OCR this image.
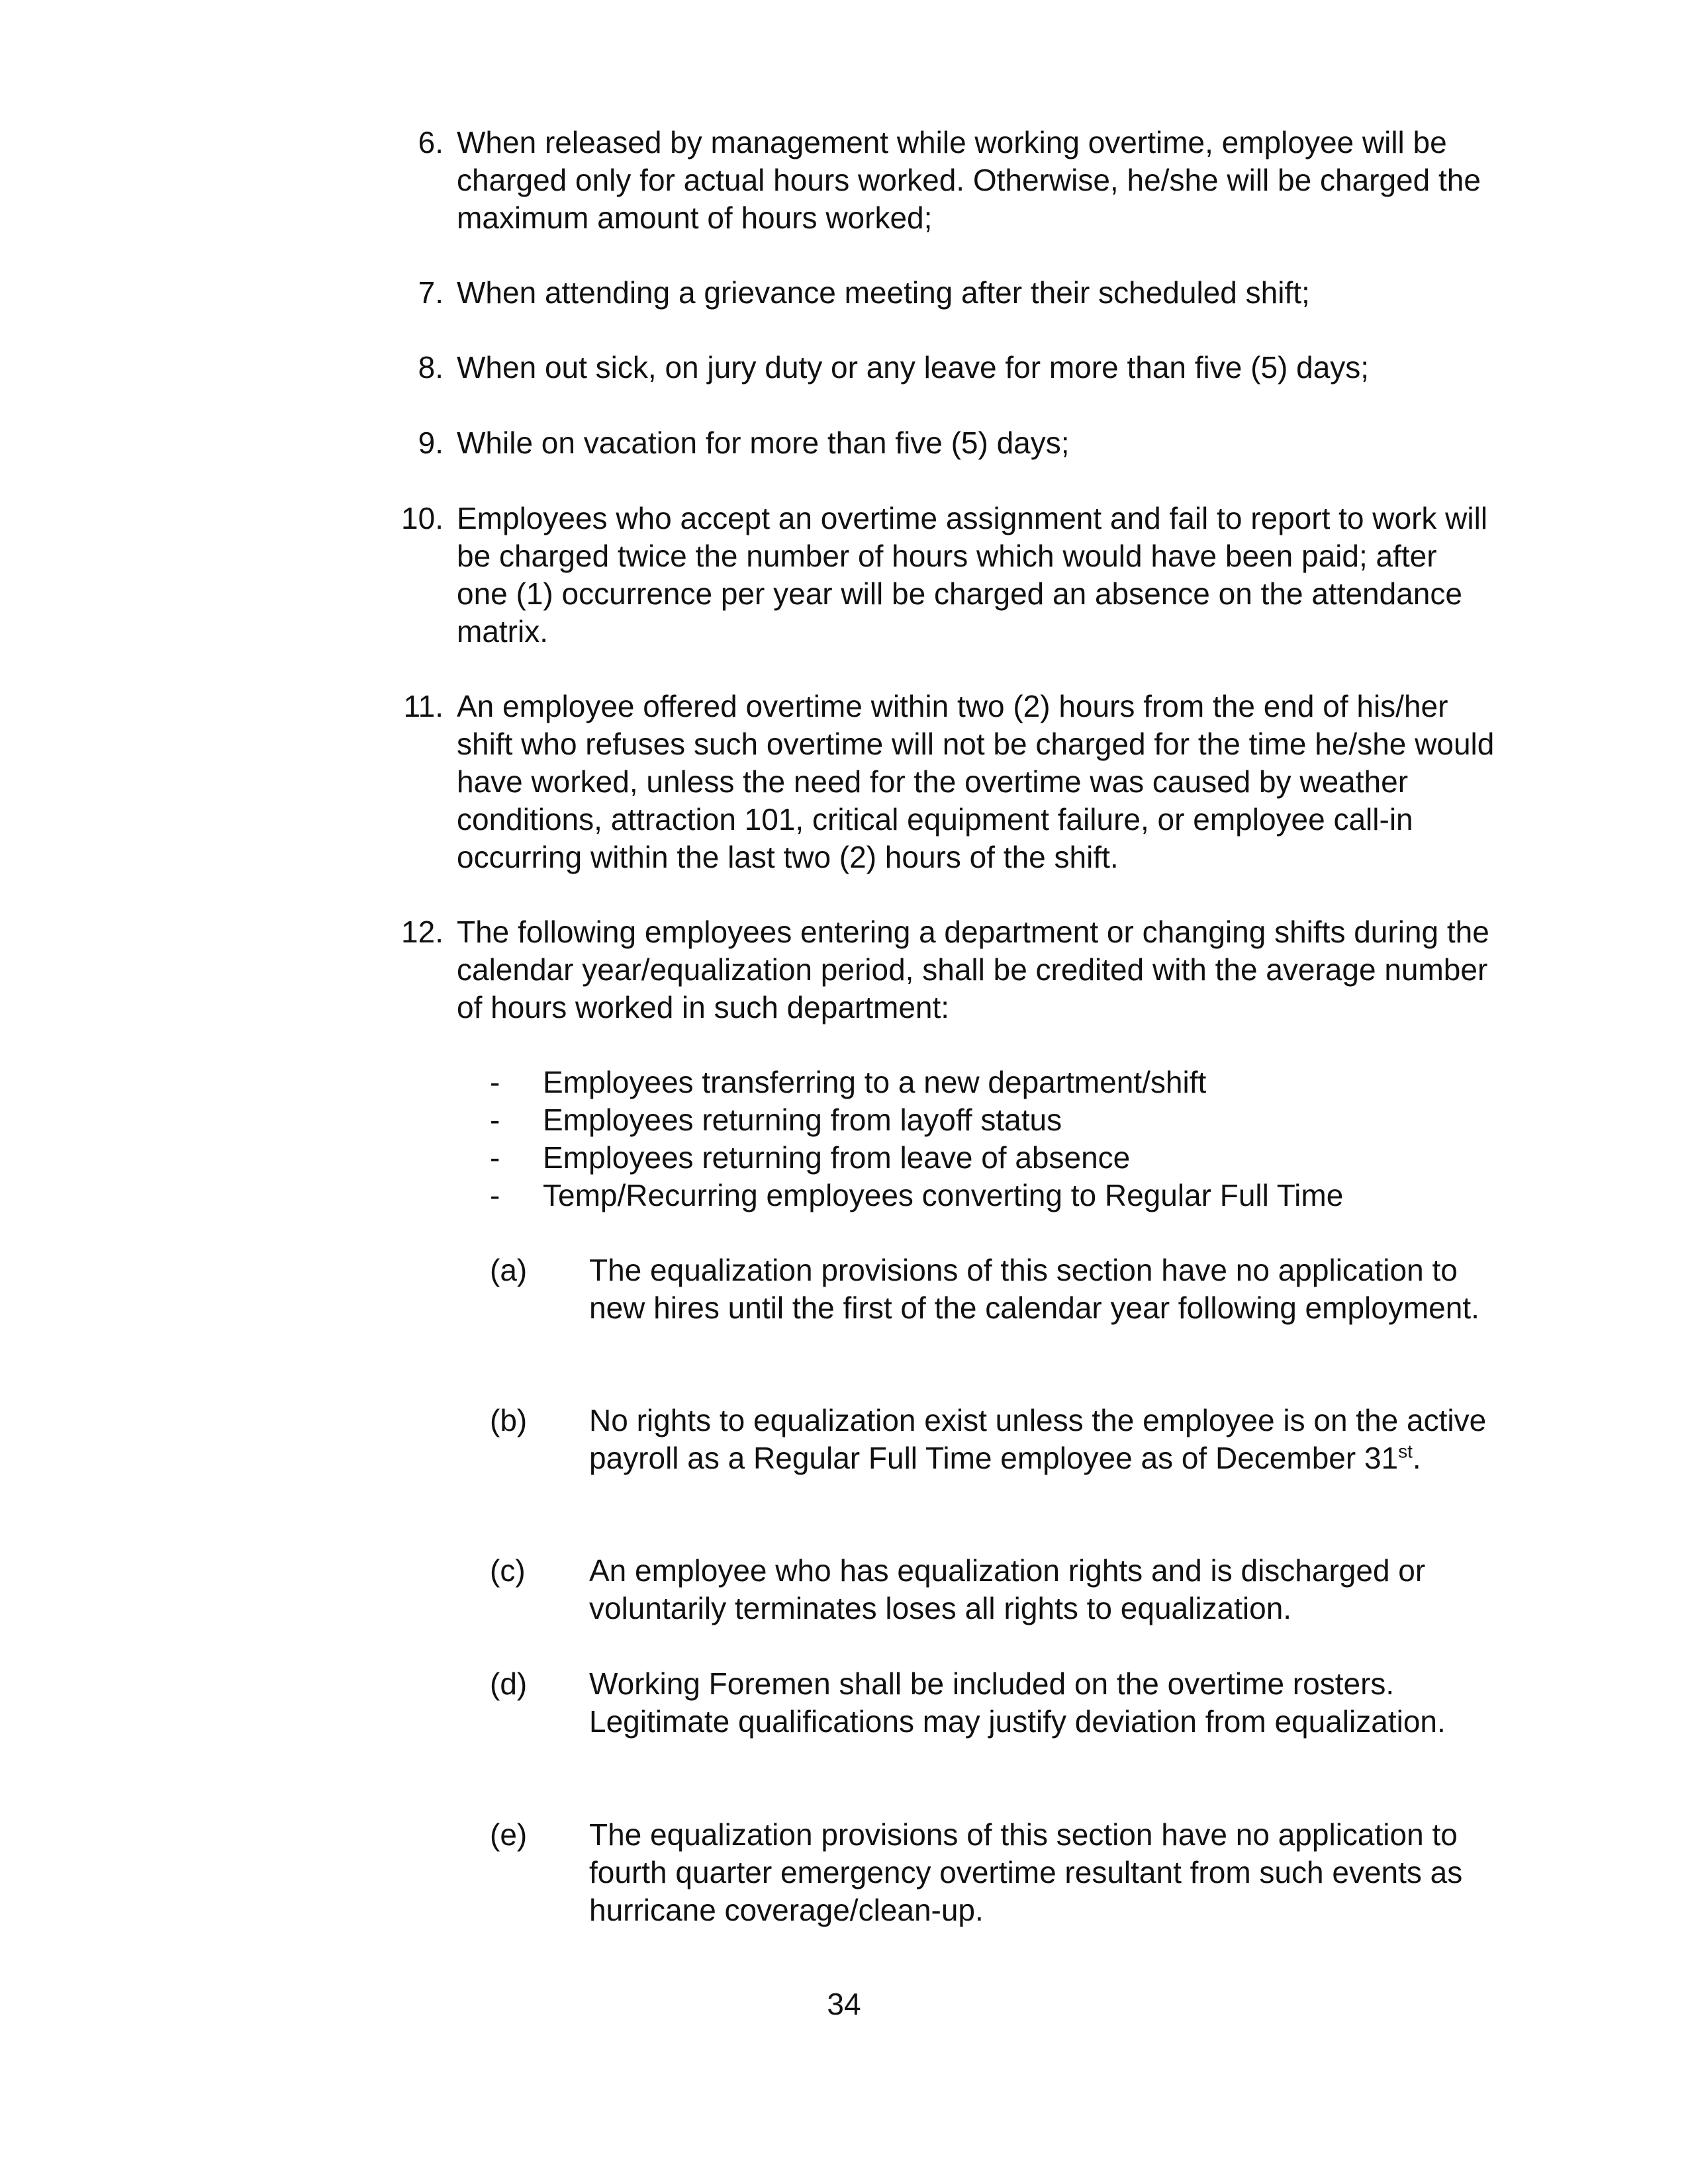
6. When released by management while working overtime, employee will be charged only for actual hours worked. Otherwise, he/she will be charged the maximum amount of hours worked;
7. When attending a grievance meeting after their scheduled shift;
8. When out sick, on jury duty or any leave for more than five (5) days;
9. While on vacation for more than five (5) days;
10. Employees who accept an overtime assignment and fail to report to work will be charged twice the number of hours which would have been paid; after one (1) occurrence per year will be charged an absence on the attendance matrix.
11. An employee offered overtime within two (2) hours from the end of his/her shift who refuses such overtime will not be charged for the time he/she would have worked, unless the need for the overtime was caused by weather conditions, attraction 101, critical equipment failure, or employee call-in occurring within the last two (2) hours of the shift.
12. The following employees entering a department or changing shifts during the calendar year/equalization period, shall be credited with the average number of hours worked in such department:
-	Employees transferring to a new department/shift
-	Employees returning from layoff status
-	Employees returning from leave of absence
-	Temp/Recurring employees converting to Regular Full Time
(a)	The equalization provisions of this section have no application to new hires until the first of the calendar year following employment.
(b)	No rights to equalization exist unless the employee is on the active payroll as a Regular Full Time employee as of December 31st.
(c)	An employee who has equalization rights and is discharged or voluntarily terminates loses all rights to equalization.
(d)	Working Foremen shall be included on the overtime rosters. Legitimate qualifications may justify deviation from equalization.
(e)	The equalization provisions of this section have no application to fourth quarter emergency overtime resultant from such events as hurricane coverage/clean-up.
34
